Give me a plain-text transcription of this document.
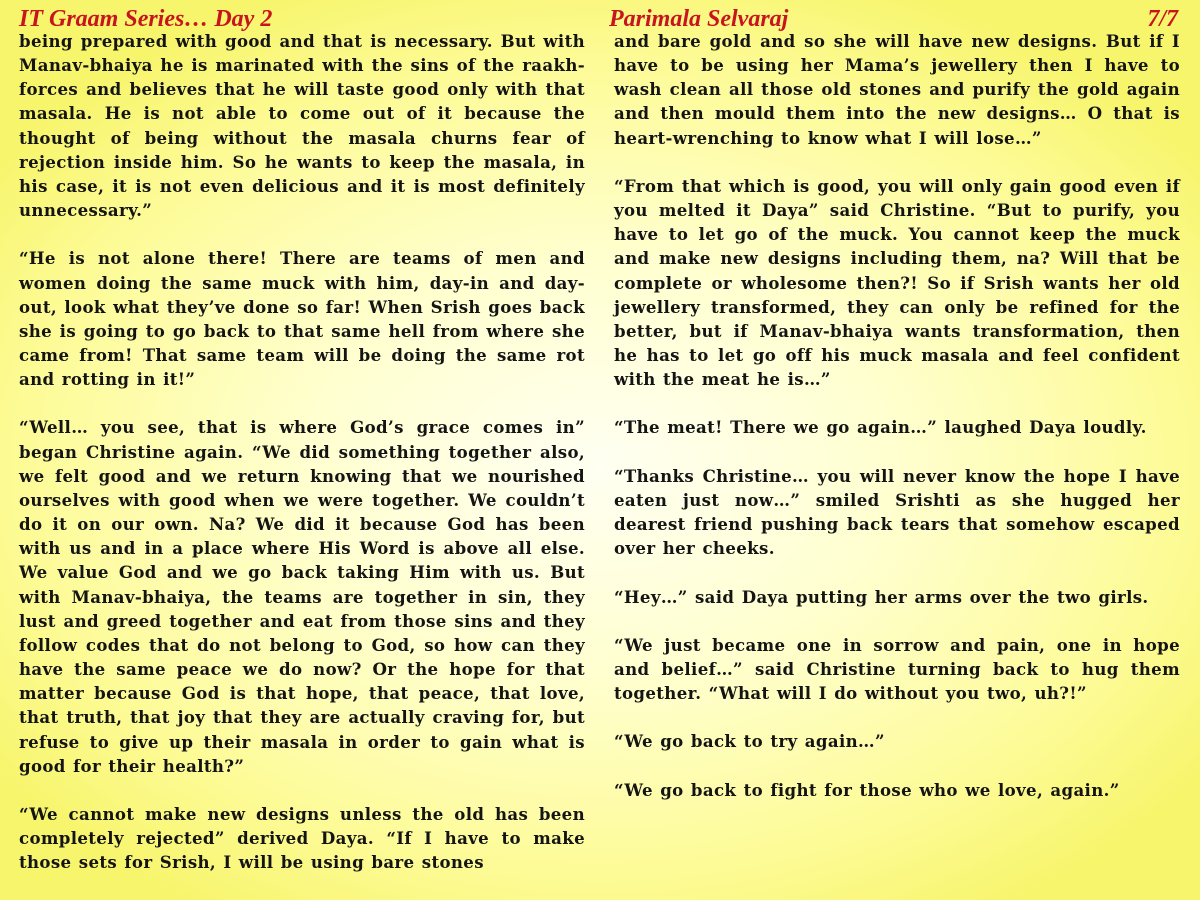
IT Graam Series… Day 2	Parimala Selvaraj	7/7

being prepared with good and that is necessary. But with Manav-bhaiya he is marinated with the sins of the raakh-forces and believes that he will taste good only with that masala. He is not able to come out of it because the thought of being without the masala churns fear of rejection inside him. So he wants to keep the masala, in his case, it is not even delicious and it is most definitely unnecessary.”

“He is not alone there! There are teams of men and women doing the same muck with him, day-in and day-out, look what they’ve done so far! When Srish goes back she is going to go back to that same hell from where she came from! That same team will be doing the same rot and rotting in it!”

“Well… you see, that is where God’s grace comes in” began Christine again. “We did something together also, we felt good and we return knowing that we nourished ourselves with good when we were together. We couldn’t do it on our own. Na? We did it because God has been with us and in a place where His Word is above all else. We value God and we go back taking Him with us. But with Manav-bhaiya, the teams are together in sin, they lust and greed together and eat from those sins and they follow codes that do not belong to God, so how can they have the same peace we do now? Or the hope for that matter because God is that hope, that peace, that love, that truth, that joy that they are actually craving for, but refuse to give up their masala in order to gain what is good for their health?”

“We cannot make new designs unless the old has been completely rejected” derived Daya. “If I have to make those sets for Srish, I will be using bare stones

and bare gold and so she will have new designs. But if I have to be using her Mama’s jewellery then I have to wash clean all those old stones and purify the gold again and then mould them into the new designs… O that is heart-wrenching to know what I will lose…”

“From that which is good, you will only gain good even if you melted it Daya” said Christine. “But to purify, you have to let go of the muck. You cannot keep the muck and make new designs including them, na? Will that be complete or wholesome then?! So if Srish wants her old jewellery transformed, they can only be refined for the better, but if Manav-bhaiya wants transformation, then he has to let go off his muck masala and feel confident with the meat he is…”

“The meat! There we go again…” laughed Daya loudly.

“Thanks Christine… you will never know the hope I have eaten just now…” smiled Srishti as she hugged her dearest friend pushing back tears that somehow escaped over her cheeks.

“Hey…” said Daya putting her arms over the two girls.

“We just became one in sorrow and pain, one in hope and belief…” said Christine turning back to hug them together. “What will I do without you two, uh?!”

“We go back to try again…”

“We go back to fight for those who we love, again.”
